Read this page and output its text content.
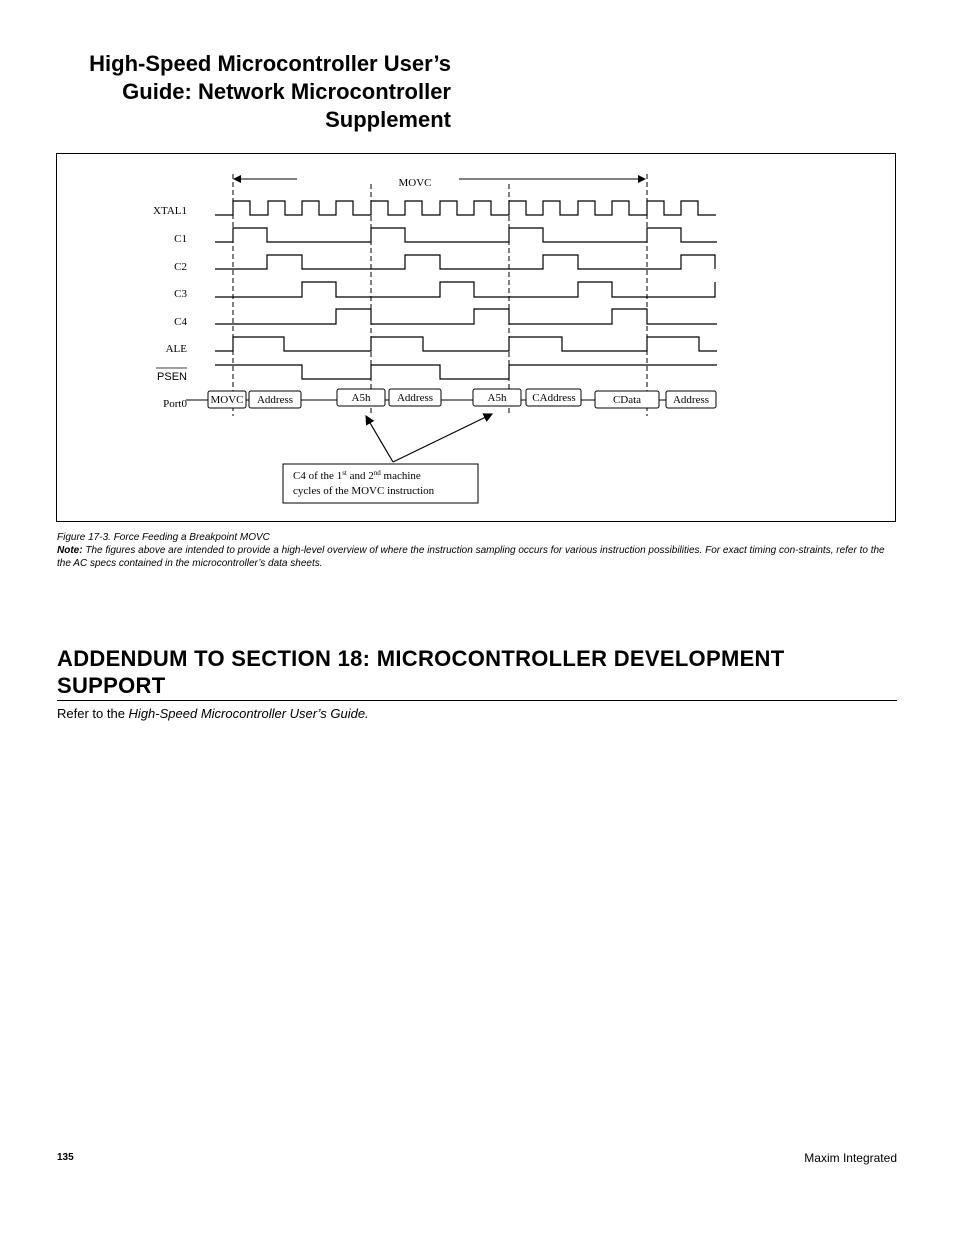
High-Speed Microcontroller User’s
Guide: Network Microcontroller
Supplement
MOVC
XTAL1
C1
C2
C3
C4
ALE
PSEN
Port0 MOVC Address	A5h Address	A5h CAddress	CData	Address
C4 of the 1st and 2nd machine
cycles of the MOVC instruction
Figure 17-3. Force Feeding a Breakpoint MOVC
Note: The figures above are intended to provide a high-level overview of where the instruction sampling occurs for various instruction possibilities. For exact timing con-straints, refer to the the AC specs contained in the microcontroller’s data sheets.
ADDENDUM TO SECTION 18: MICROCONTROLLER DEVELOPMENT SUPPORT

Refer to the High-Speed Microcontroller User’s Guide.

135	Maxim Integrated
